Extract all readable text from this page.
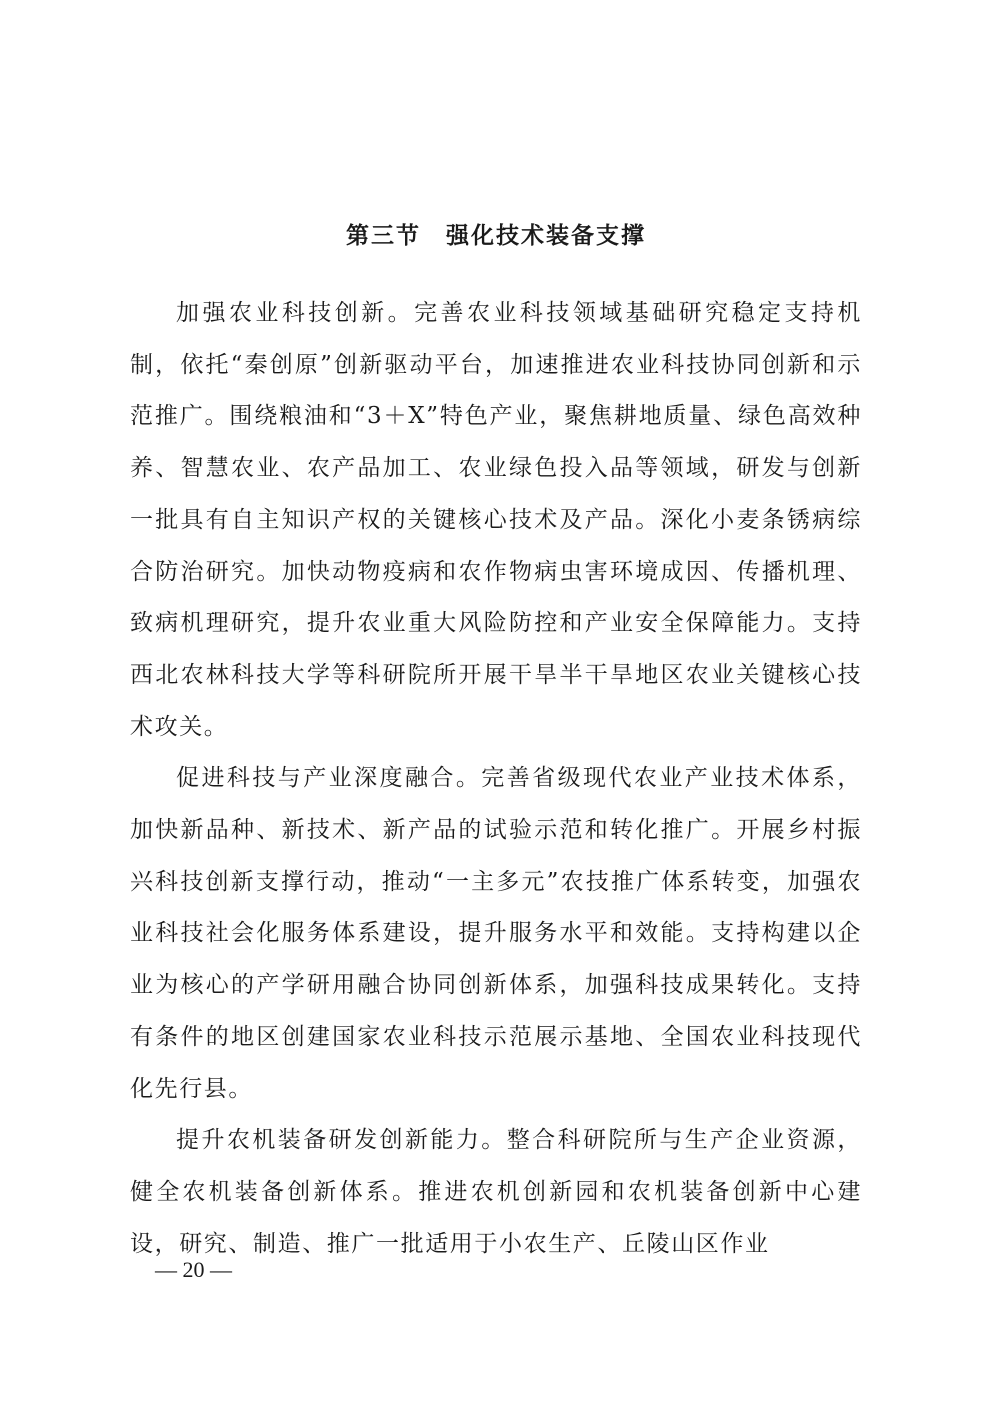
第三节　强化技术装备支撑

加强农业科技创新。完善农业科技领域基础研究稳定支持机制，依托“秦创原”创新驱动平台，加速推进农业科技协同创新和示范推广。围绕粮油和“3＋X”特色产业，聚焦耕地质量、绿色高效种养、智慧农业、农产品加工、农业绿色投入品等领域，研发与创新一批具有自主知识产权的关键核心技术及产品。深化小麦条锈病综合防治研究。加快动物疫病和农作物病虫害环境成因、传播机理、致病机理研究，提升农业重大风险防控和产业安全保障能力。支持西北农林科技大学等科研院所开展干旱半干旱地区农业关键核心技术攻关。

促进科技与产业深度融合。完善省级现代农业产业技术体系，加快新品种、新技术、新产品的试验示范和转化推广。开展乡村振兴科技创新支撑行动，推动“一主多元”农技推广体系转变，加强农业科技社会化服务体系建设，提升服务水平和效能。支持构建以企业为核心的产学研用融合协同创新体系，加强科技成果转化。支持有条件的地区创建国家农业科技示范展示基地、全国农业科技现代化先行县。

提升农机装备研发创新能力。整合科研院所与生产企业资源，健全农机装备创新体系。推进农机创新园和农机装备创新中心建设，研究、制造、推广一批适用于小农生产、丘陵山区作业

— 20 —
